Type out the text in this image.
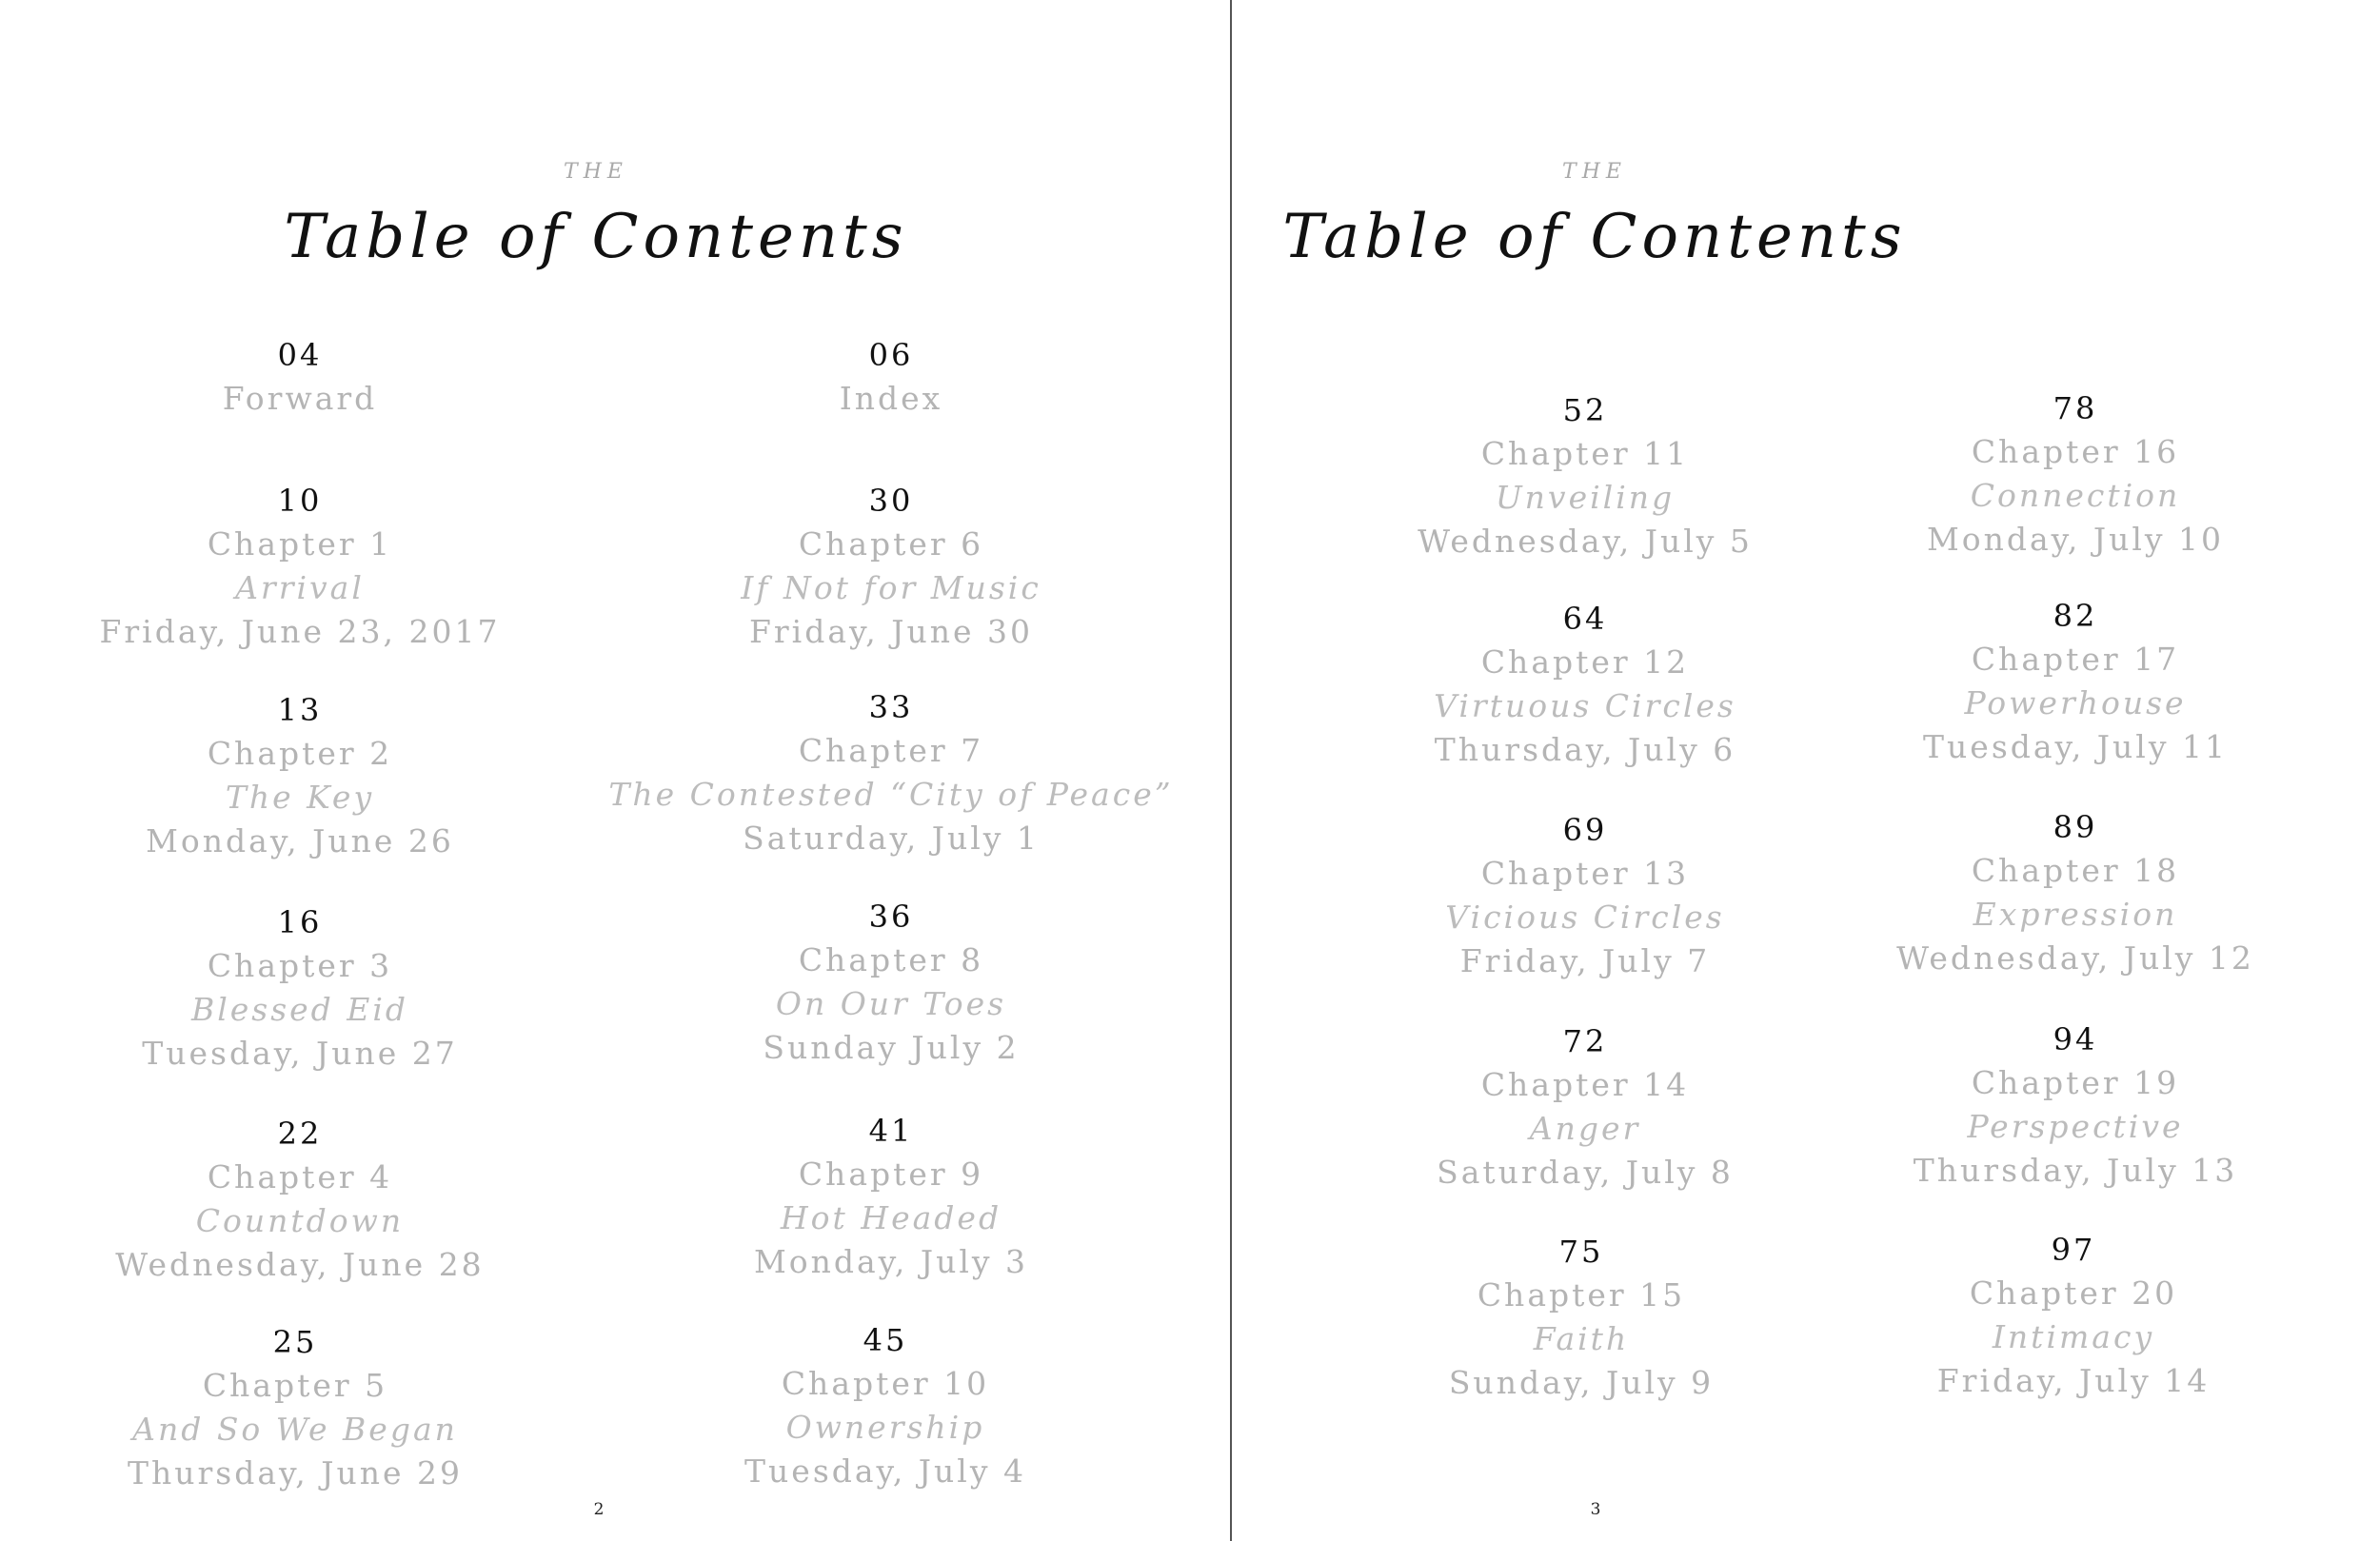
THE
Table of Contents
04
Forward
10
Chapter 1
Arrival
Friday, June 23, 2017
13
Chapter 2
The Key
Monday, June 26
16
Chapter 3
Blessed Eid
Tuesday, June 27
22
Chapter 4
Countdown
Wednesday, June 28
25
Chapter 5
And So We Began
Thursday, June 29
06
Index
30
Chapter 6
If Not for Music
Friday, June 30
33
Chapter 7
The Contested “City of Peace”
Saturday, July 1
36
Chapter 8
On Our Toes
Sunday July 2
41
Chapter 9
Hot Headed
Monday, July 3
45
Chapter 10
Ownership
Tuesday, July 4
2
THE
Table of Contents
52
Chapter 11
Unveiling
Wednesday, July 5
64
Chapter 12
Virtuous Circles
Thursday, July 6
69
Chapter 13
Vicious Circles
Friday, July 7
72
Chapter 14
Anger
Saturday, July 8
75
Chapter 15
Faith
Sunday, July 9
78
Chapter 16
Connection
Monday, July 10
82
Chapter 17
Powerhouse
Tuesday, July 11
89
Chapter 18
Expression
Wednesday, July 12
94
Chapter 19
Perspective
Thursday, July 13
97
Chapter 20
Intimacy
Friday, July 14
3
